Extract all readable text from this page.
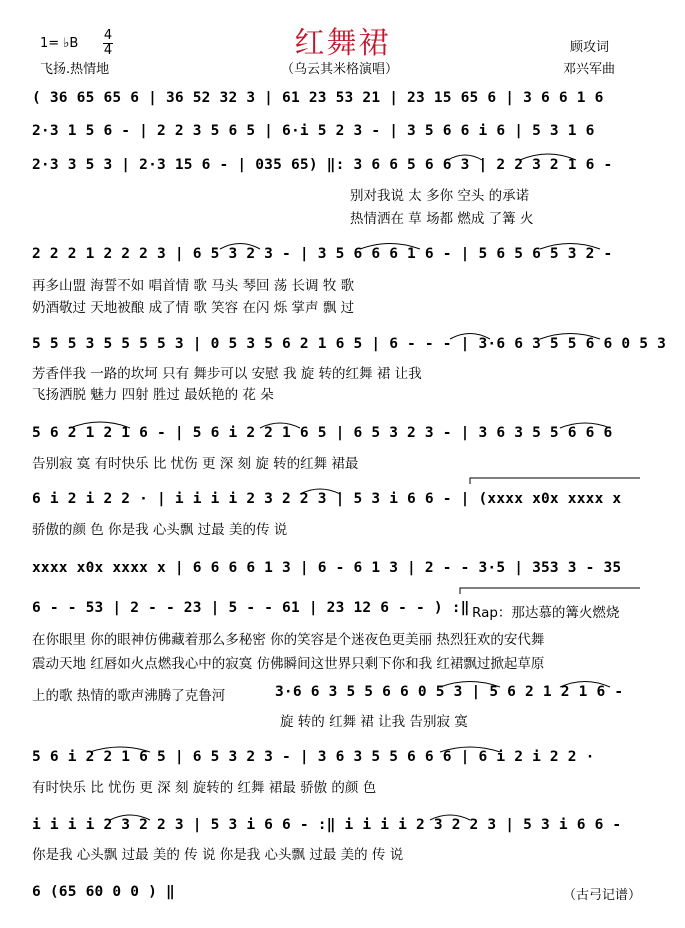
1= ♭B
4
4	红舞裙
（乌云其米格演唱）
飞扬.热情地
顾攻词
邓兴军曲
( 36 65 65 6 | 36 52 32 3 | 61 23 53 21 | 23 15 65 6 | 3 6 6 1 6
2·3 1 5 6 - | 2 2 3 5 6 5 | 6·i 5 2 3 - | 3 5 6 6 i 6 | 5 3 1 6
2·3 3 5 3 | 2·3 15 6 - | 035 65) ‖: 3 6 6 5 6 6 3 | 2 2 3 2 1 6 -
别对我说 太 多你 空头 的承诺
热情洒在 草 场都 燃成 了篝 火
2 2 2 1 2 2 2 3 | 6 5 3 2 3 - | 3 5 6 6 6 1 6 - | 5 6 5 6 5 3 2 -
再多山盟 海誓不如 唱首情 歌 马头 琴回 荡 长调 牧 歌
奶酒敬过 天地被酿 成了情 歌 笑容 在闪 烁 掌声 飘 过
5 5 5 3 5 5 5 5 3 | 0 5 3 5 6 2 1 6 5 | 6 - - - | 3·6 6 3 5 5 6 6 0 5 3
芳香伴我 一路的坎坷 只有 舞步可以 安慰 我 旋 转的红舞 裙 让我
飞扬洒脱 魅力 四射 胜过 最妖艳的 花 朵
5 6 2 1 2 1 6 - | 5 6 i 2 2 1 6 5 | 6 5 3 2 3 - | 3 6 3 5 5 6 6 6
告别寂 寞 有时快乐 比 忧伤 更 深 刻 旋 转的红舞 裙最
6 i 2 i 2 2 · | i i i i 2 3 2 2 3 | 5 3 i 6 6 - | (xxxx x0x xxxx x
骄傲的颜 色 你是我 心头飘 过最 美的传 说
xxxx x0x xxxx x | 6 6 6 6 1 3 | 6 - 6 1 3 | 2 - - 3·5 | 353 3 - 35
6 - - 53 | 2 - - 23 | 5 - - 61 | 23 12 6 - - ) :‖ Rap：那达慕的篝火燃烧
在你眼里 你的眼神仿佛藏着那么多秘密 你的笑容是个迷夜色更美丽 热烈狂欢的安代舞
震动天地 红唇如火点燃我心中的寂寞 仿佛瞬间这世界只剩下你和我 红裙飘过掀起草原
上的歌 热情的歌声沸腾了克鲁河	3·6 6 3 5 5 6 6 0 5 3 | 5 6 2 1 2 1 6 -
旋 转的 红舞 裙 让我 告别寂 寞
5 6 i 2 2 1 6 5 | 6 5 3 2 3 - | 3 6 3 5 5 6 6 6 | 6 i 2 i 2 2 ·
有时快乐 比 忧伤 更 深 刻 旋转的 红舞 裙最 骄傲 的颜 色
i i i i 2 3 2 2 3 | 5 3 i 6 6 - :‖ i i i i 2 3 2 2 3 | 5 3 i 6 6 -
你是我 心头飘 过最 美的 传 说 你是我 心头飘 过最 美的 传 说
6 (65 60 0 0 ) ‖	（古弓记谱）
